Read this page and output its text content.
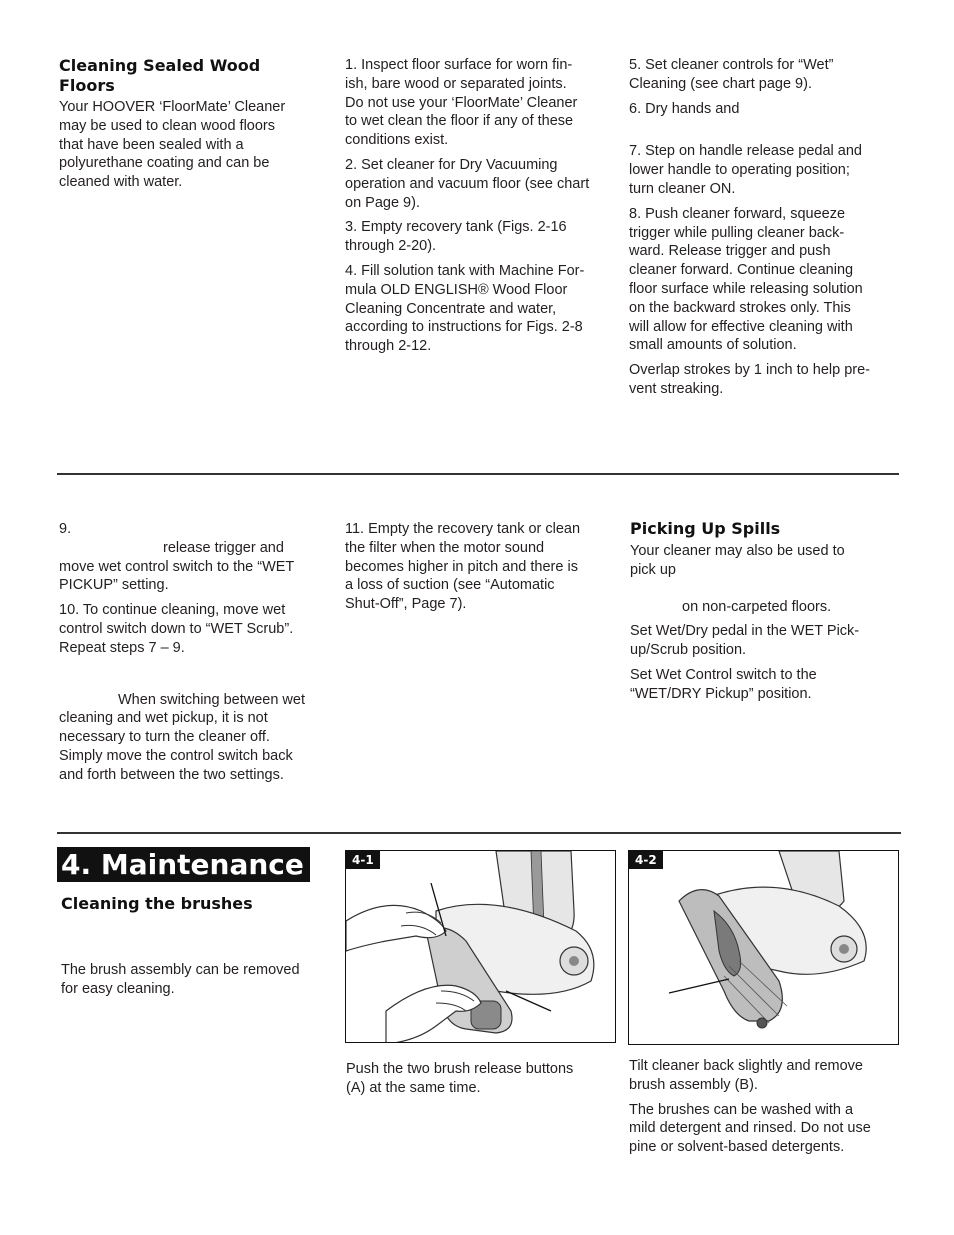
Cleaning Sealed Wood Floors
Your HOOVER ‘FloorMate’ Cleaner
may be used to clean wood floors
that have been sealed with a
polyurethane coating and can be
cleaned with water.

1. Inspect floor surface for worn fin-
ish, bare wood or separated joints.
Do not use your ‘FloorMate’ Cleaner
to wet clean the floor if any of these
conditions exist.

2. Set cleaner for Dry Vacuuming
operation and vacuum floor (see chart
on Page 9).

3. Empty recovery tank (Figs. 2-16
through 2-20).

4. Fill solution tank with Machine For-
mula OLD ENGLISH® Wood Floor
Cleaning Concentrate and water,
according to instructions for Figs. 2-8
through 2-12.

5. Set cleaner controls for “Wet”
Cleaning (see chart page 9).

6. Dry hands and

7. Step on handle release pedal and
lower handle to operating position;
turn cleaner ON.

8. Push cleaner forward, squeeze
trigger while pulling cleaner back-
ward. Release trigger and push
cleaner forward. Continue cleaning
floor surface while releasing solution
on the backward strokes only. This
will allow for effective cleaning with
small amounts of solution.

Overlap strokes by 1 inch to help pre-
vent streaking.

9.
release trigger and
move wet control switch to the “WET
PICKUP” setting.

10. To continue cleaning, move wet
control switch down to “WET Scrub”.
Repeat steps 7 – 9.

When switching between wet
cleaning and wet pickup, it is not
necessary to turn the cleaner off.
Simply move the control switch back
and forth between the two settings.

11. Empty the recovery tank or clean
the filter when the motor sound
becomes higher in pitch and there is
a loss of suction (see “Automatic
Shut-Off”, Page 7).

Picking Up Spills

Your cleaner may also be used to
pick up
on non-carpeted floors.

Set Wet/Dry pedal in the WET Pick-
up/Scrub position.

Set Wet Control switch to the
“WET/DRY Pickup” position.

4. Maintenance
Cleaning the brushes

The brush assembly can be removed
for easy cleaning.

4-1
Push the two brush release buttons
(A) at the same time.
4-2

Tilt cleaner back slightly and remove
brush assembly (B).

The brushes can be washed with a
mild detergent and rinsed. Do not use
pine or solvent-based detergents.
